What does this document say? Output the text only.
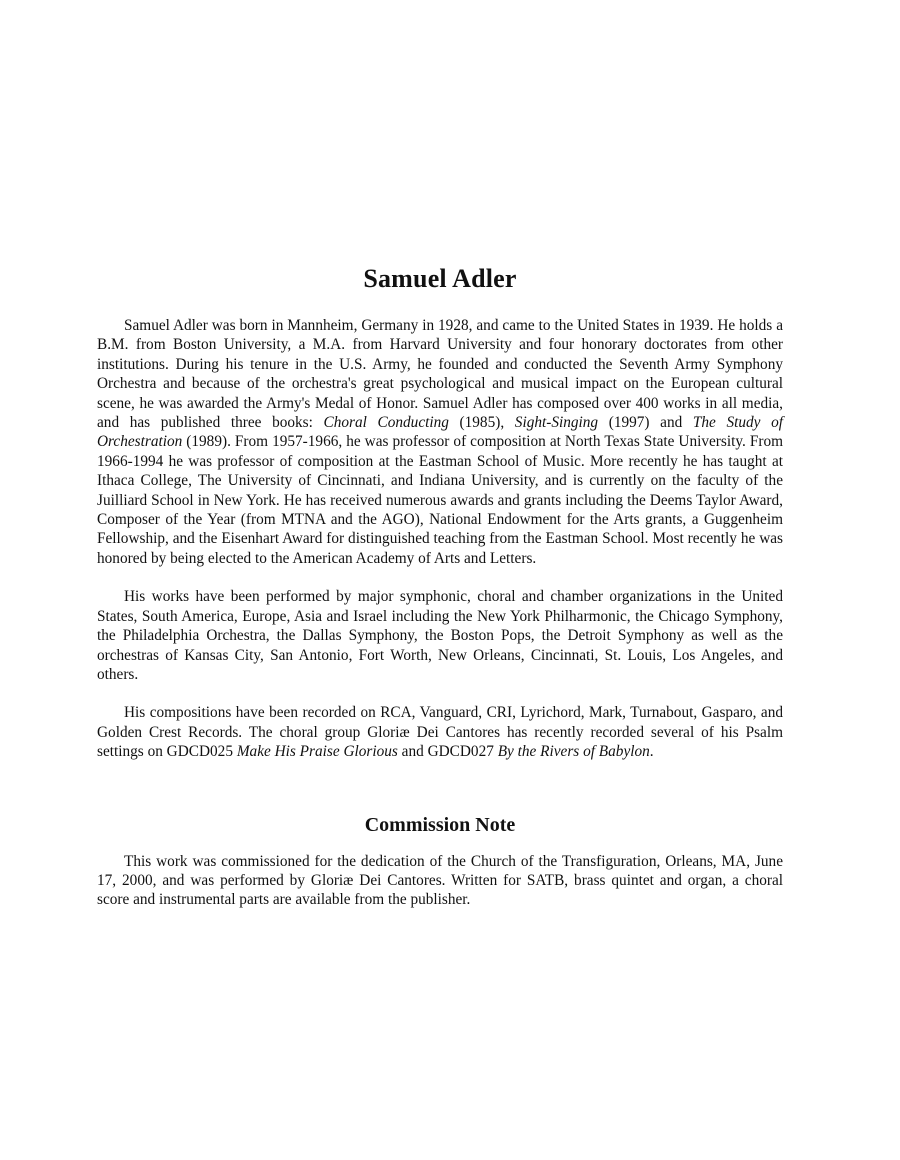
Samuel Adler

Samuel Adler was born in Mannheim, Germany in 1928, and came to the United States in 1939. He holds a B.M. from Boston University, a M.A. from Harvard University and four honorary doctorates from other institutions. During his tenure in the U.S. Army, he founded and conducted the Seventh Army Symphony Orchestra and because of the orchestra's great psychological and musical impact on the European cultural scene, he was awarded the Army's Medal of Honor. Samuel Adler has composed over 400 works in all media, and has published three books: Choral Conducting (1985), Sight-Singing (1997) and The Study of Orchestration (1989). From 1957-1966, he was professor of composition at North Texas State University. From 1966-1994 he was professor of composition at the Eastman School of Music. More recently he has taught at Ithaca College, The University of Cincinnati, and Indiana University, and is currently on the faculty of the Juilliard School in New York. He has received numerous awards and grants including the Deems Taylor Award, Composer of the Year (from MTNA and the AGO), National Endowment for the Arts grants, a Guggenheim Fellowship, and the Eisenhart Award for distinguished teaching from the Eastman School. Most recently he was honored by being elected to the American Academy of Arts and Letters.

His works have been performed by major symphonic, choral and chamber organizations in the United States, South America, Europe, Asia and Israel including the New York Philharmonic, the Chicago Symphony, the Philadelphia Orchestra, the Dallas Symphony, the Boston Pops, the Detroit Symphony as well as the orchestras of Kansas City, San Antonio, Fort Worth, New Orleans, Cincinnati, St. Louis, Los Angeles, and others.

His compositions have been recorded on RCA, Vanguard, CRI, Lyrichord, Mark, Turnabout, Gasparo, and Golden Crest Records. The choral group Gloriæ Dei Cantores has recently recorded several of his Psalm settings on GDCD025 Make His Praise Glorious and GDCD027 By the Rivers of Babylon.

Commission Note

This work was commissioned for the dedication of the Church of the Transfiguration, Orleans, MA, June 17, 2000, and was performed by Gloriæ Dei Cantores. Written for SATB, brass quintet and organ, a choral score and instrumental parts are available from the publisher.
